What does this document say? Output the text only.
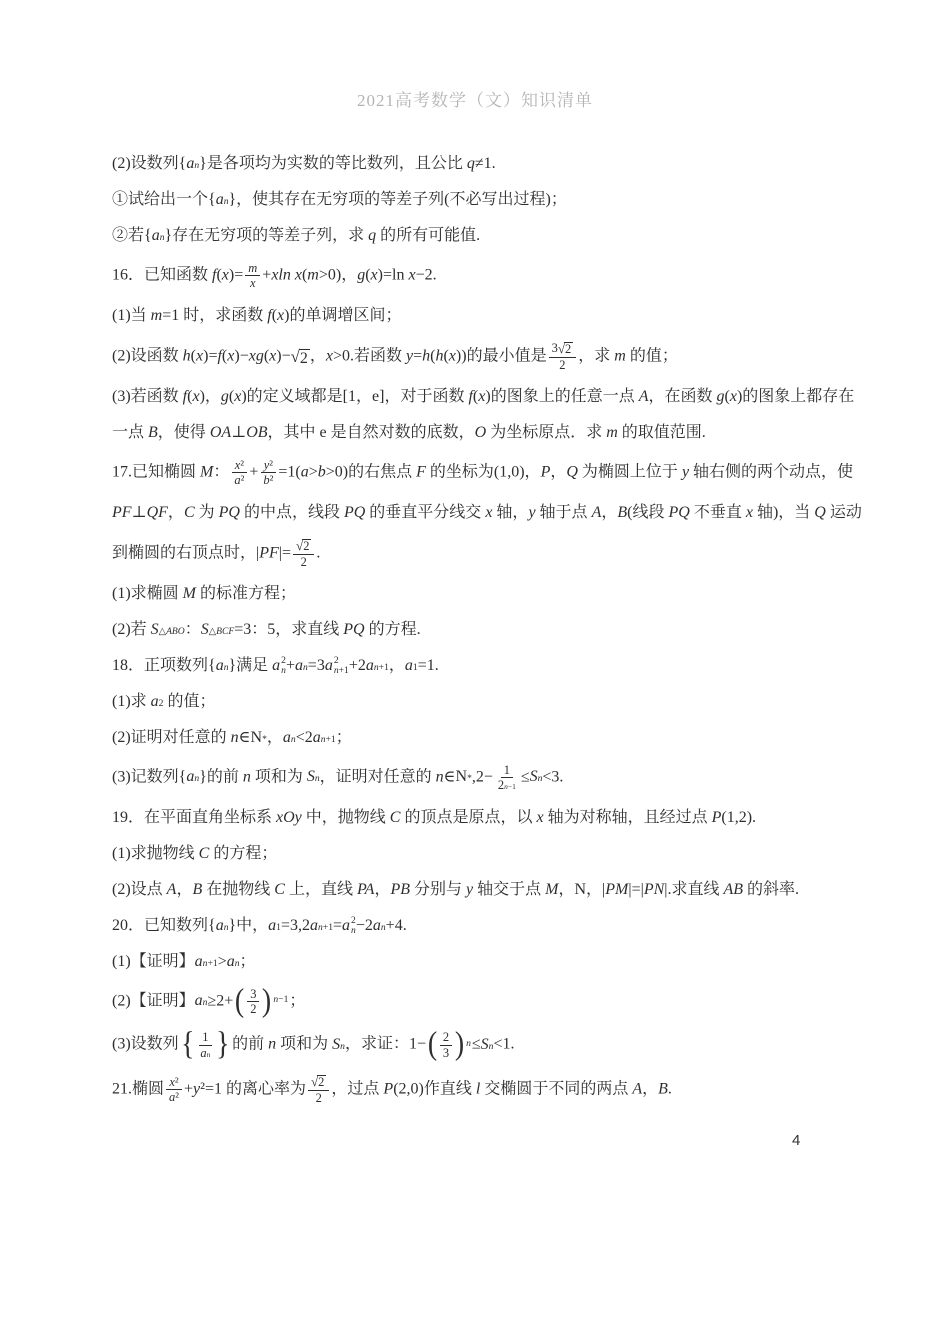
2021高考数学（文）知识清单
(2)设数列{ a n }是各项均为实数的等比数列，且公比 q≠1.
①试给出一个{ a n }，使其存在无穷项的等差子列(不必写出过程)；
②若{ a n }存在无穷项的等差子列，求 q 的所有可能值.
16．已知函数 $f(x)= \frac{m}{x} +xln$ x(m>0)，g(x)=ln x−2.
(1)当 m=1 时，求函数 f(x)的单调增区间；
(2)设函数 h(x)=f(x)−xg(x)− √ 2 ，x>0.若函数 y=h(h(x))的最小值是 $\frac{3 √ 2}{2}$ ，求 m 的值；
(3)若函数 f(x)，g(x)的定义域都是[1，e]，对于函数 f(x)的图象上的任意一点 A，在函数 g(x)的图象上都存在
一点 B，使得 OA⊥OB，其中 e 是自然对数的底数，O 为坐标原点．求 m 的取值范围.
17.已知椭圆 M： $\frac{\text{x²}}{\text{a²}} + \frac{\text{y²}}{\text{b²}} =1(a>b>0)$的右焦点 F 的坐标为(1,0)，P，Q 为椭圆上位于 y 轴右侧的两个动点，使
PF⊥QF，C 为 PQ 的中点，线段 PQ 的垂直平分线交 x 轴，y 轴于点 A，B(线段 PQ 不垂直 x 轴)，当 Q 运动
到椭圆的右顶点时，$|PF|= \frac{√ 2}{2}$ .
(1)求椭圆 M 的标准方程；
(2)若 S △ABO ： S △BCF =3：5，求直线 PQ 的方程.
18．正项数列{ a n }满足 a 2
n + a n =3 a 2
n+1 +2 a n+1 ， a 1 =1.
(1)求 a 2 的值；
(2)证明对任意的 n∈ N * ， a n <2 a n+1 ；
(3)记数列{ a n }的前 n 项和为 S n ，证明对任意的 n∈ $N * ,2- \frac{1}{2 n-1} \le S$ n <3.
19．在平面直角坐标系 xOy 中，抛物线 C 的顶点是原点，以 x 轴为对称轴，且经过点 P(1,2).
(1)求抛物线 C 的方程；
(2)设点 A，B 在抛物线 C 上，直线 PA，PB 分别与 y 轴交于点 M，N，|PM|=|PN|.求直线 AB 的斜率.
20．已知数列{ a n }中， a 1 =3,2 a n+1 = a 2
n −2 a n +4.
(1)【证明】 a n+1 > a n ；
(2)【证明】 a n ≥2+ ( $\frac{3}{2}$ ) n−1 ；
(3)设数列 { $\frac{1}{\text{a n}}$ } 的前 n 项和为 S n ，求证：1− ( $\frac{2}{3}$ ) n ≤ S n <1.
21.椭圆 $\frac{\text{x²}}{\text{a²}} +y^2=1$ 的离心率为 $\frac{√ 2}{2}$ ，过点 P(2,0)作直线 l 交椭圆于不同的两点 A，B.
4
